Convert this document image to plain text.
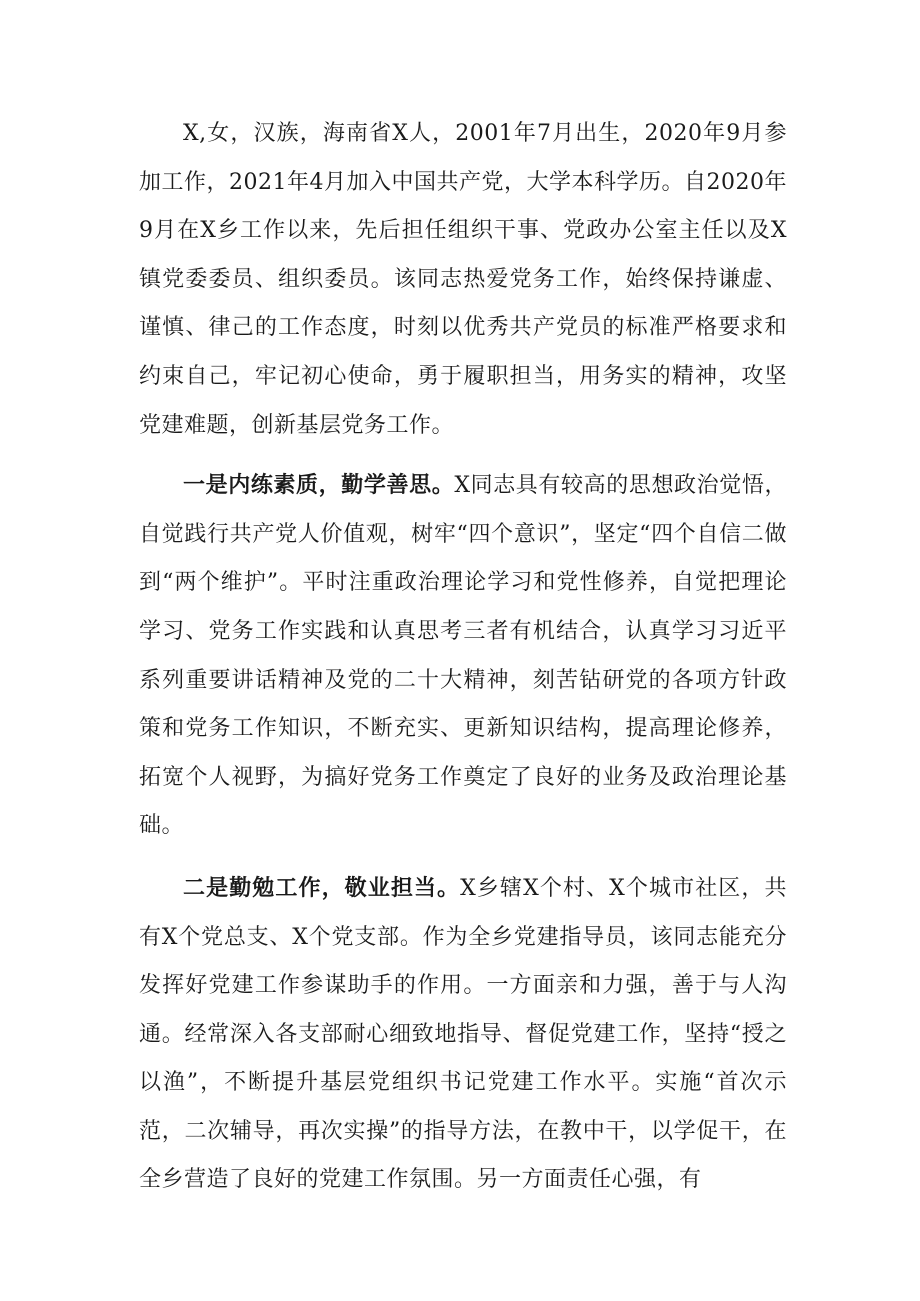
X,女，汉族，海南省X人，2001年7月出生，2020年9月参加工作，2021年4月加入中国共产党，大学本科学历。自2020年9月在X乡工作以来，先后担任组织干事、党政办公室主任以及X镇党委委员、组织委员。该同志热爱党务工作，始终保持谦虚、谨慎、律己的工作态度，时刻以优秀共产党员的标准严格要求和约束自己，牢记初心使命，勇于履职担当，用务实的精神，攻坚党建难题，创新基层党务工作。

一是内练素质，勤学善思。X同志具有较高的思想政治觉悟，自觉践行共产党人价值观，树牢“四个意识”，坚定“四个自信二做到“两个维护”。平时注重政治理论学习和党性修养，自觉把理论学习、党务工作实践和认真思考三者有机结合，认真学习习近平系列重要讲话精神及党的二十大精神，刻苦钻研党的各项方针政策和党务工作知识，不断充实、更新知识结构，提高理论修养，拓宽个人视野，为搞好党务工作奠定了良好的业务及政治理论基础。

二是勤勉工作，敬业担当。X乡辖X个村、X个城市社区，共有X个党总支、X个党支部。作为全乡党建指导员，该同志能充分发挥好党建工作参谋助手的作用。一方面亲和力强，善于与人沟通。经常深入各支部耐心细致地指导、督促党建工作，坚持“授之以渔”，不断提升基层党组织书记党建工作水平。实施“首次示范，二次辅导，再次实操”的指导方法，在教中干，以学促干，在全乡营造了良好的党建工作氛围。另一方面责任心强，有
